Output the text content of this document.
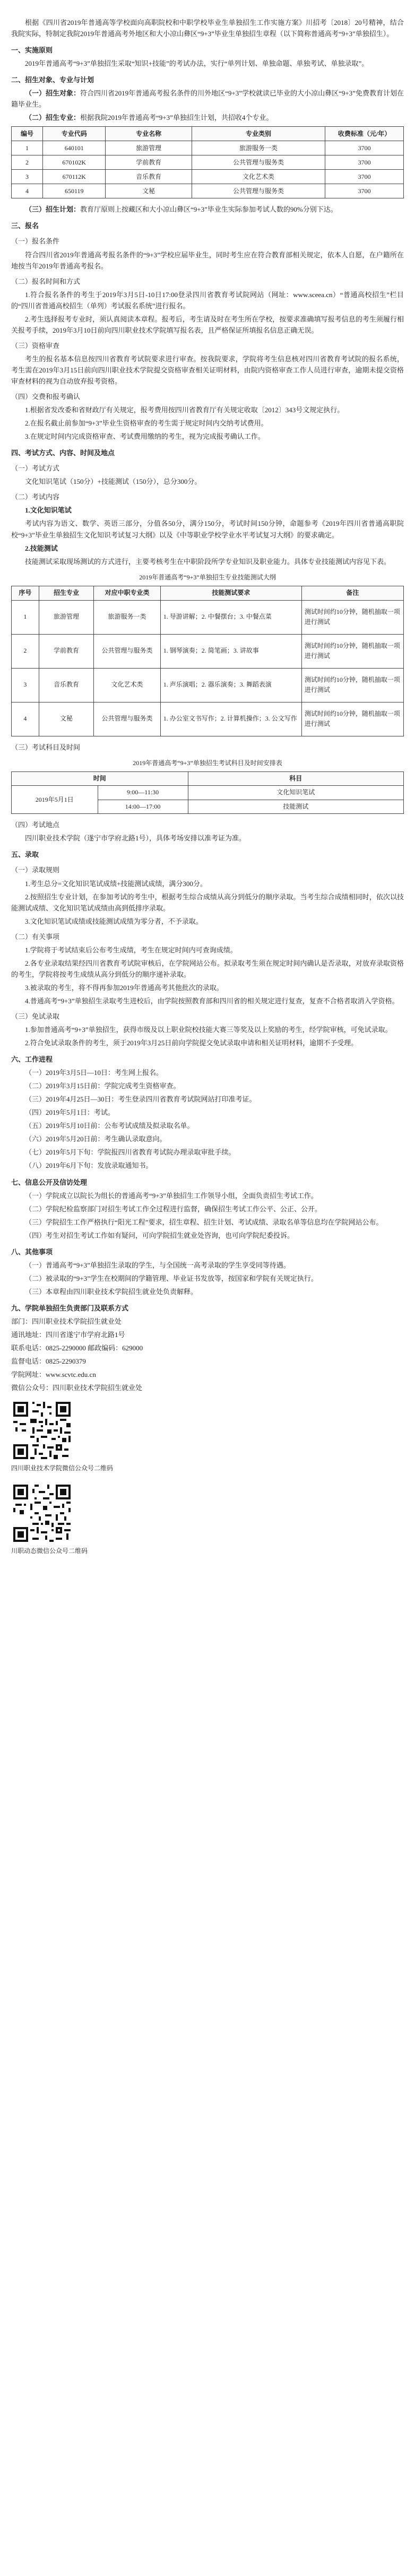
根据《四川省2019年普通高等学校面向高职院校和中职学校毕业生单独招生工作实施方案》川招考〔2018〕20号精神，结合我院实际，特制定我院2019年普通高考外地区和大小凉山彝区“9+3”毕业生单独招生章程（以下简称普通高考“9+3”单独招生）。

一、实施原则

2019年普通高考“9+3”单独招生采取“知识+技能”的考试办法，实行“单列计划、单独命题、单独考试、单独录取”。

二、招生对象、专业与计划

（一）招生对象：符合四川省2019年普通高考报名条件的川外地区“9+3”学校就读已毕业的大小凉山彝区“9+3”免费教育计划在籍毕业生。

（二）招生专业：根据我院2019年普通高考“9+3”单独招生计划，共招收4个专业。

编号	专业代码	专业名称	专业类别	收费标准（元/年）
1	640101	旅游管理	旅游服务一类	3700
2	670102K	学前教育	公共管理与服务类	3700
3	670112K	音乐教育	文化艺术类	3700
4	650119	文秘	公共管理与服务类	3700

（三）招生计划：教育厅原则上按藏区和大小凉山彝区“9+3”毕业生实际参加考试人数的90%分别下达。

三、报名
（一）报名条件

符合四川省2019年普通高考报名条件的“9+3”学校应届毕业生，同时考生应在符合教育部相关规定，依本人自愿，在户籍所在地按当年2019年普通高考报名。

（二）报名时间和方式

1.符合报名条件的考生于2019年3月5日-10日17:00登录四川省教育考试院网站（网址：www.sceea.cn）“普通高校招生”栏目的“四川省普通高校招生（单列）考试报名系统”进行报名。

2.考生选择报考专业时，须认真阅读本章程。报考后，考生请及时在考生所在学校，按要求准确填写报考信息的考生须履行相关报考手续，2019年3月10日前向四川职业技术学院填写报名表，且严格保证所填报名信息正确无误。

（三）资格审查

考生的报名基本信息按四川省教育考试院要求进行审查。按我院要求，学院将考生信息核对四川省教育考试院的报名系统，考生需在2019年3月15日前向四川职业技术学院提交资格审查相关证明材料，由院内资格审查工作人员进行审查，逾期未提交资格审查材料的视为自动放弃报考资格。

（四）交费和报考确认

1.根据省发改委和省财政厅有关规定，报考费用按四川省教育厅有关规定收取〔2012〕343号文规定执行。

2.在报名截止前参加“9+3”毕业生资格审查的考生需于规定时间内交纳考试费用。

3.在规定时间内完成资格审查、考试费用缴纳的考生，视为完成报考确认工作。

四、考试方式、内容、时间及地点
（一）考试方式

文化知识笔试（150分）+技能测试（150分），总分300分。

（二）考试内容

1.文化知识笔试

考试内容为语文、数学、英语三部分，分值各50分，满分150分，考试时间150分钟，命题参考《2019年四川省普通高职院校“9+3”毕业生单独招生文化知识考试复习大纲》以及《中等职业学校学业水平考试复习大纲》的要求确定。

2.技能测试

技能测试采取现场测试的方式进行，主要考核考生在中职阶段所学专业知识及职业能力。具体专业技能测试内容见下表。

2019年普通高考“9+3”单独招生专业技能测试大纲

序号	招生专业	对应中职专业类	技能测试要求	备注
1	旅游管理	旅游服务一类	1. 导游讲解；2. 中餐摆台；3. 中餐点菜	测试时间约10分钟，随机抽取一项进行测试
2	学前教育	公共管理与服务类	1. 钢琴演奏；2. 简笔画；3. 讲故事	测试时间约10分钟，随机抽取一项进行测试
3	音乐教育	文化艺术类	1. 声乐演唱；2. 器乐演奏；3. 舞蹈表演	测试时间约10分钟，随机抽取一项进行测试
4	文秘	公共管理与服务类	1. 办公室文书写作；2. 计算机操作；3. 公文写作	测试时间约10分钟，随机抽取一项进行测试
（三）考试科目及时间

2019年普通高考“9+3”单独招生考试科目及时间安排表

时间		科目
2019年5月1日	9:00—11:30	文化知识笔试
	14:00—17:00	技能测试
（四）考试地点

四川职业技术学院（遂宁市学府北路1号），具体考场安排以准考证为准。

五、录取
（一）录取规则

1.考生总分=文化知识笔试成绩+技能测试成绩，满分300分。

2.按照招生专业计划，在参加考试的考生中，根据考生综合成绩从高分到低分的顺序录取。当考生综合成绩相同时，依次以技能测试成绩、文化知识笔试成绩由高到低排序录取。

3.文化知识笔试成绩或技能测试成绩为零分者，不予录取。

（二）有关事项

1.学院将于考试结束后公布考生成绩，考生在规定时间内可查询成绩。

2.各专业录取结果经四川省教育考试院审核后，在学院网站公布。拟录取考生须在规定时间内确认是否录取，对放弃录取资格的考生，学院将按考生成绩从高分到低分的顺序递补录取。

3.被录取的考生，将不得再参加2019年普通高考其他批次的录取。

4.普通高考“9+3”单独招生录取考生进校后，由学院按照教育部和四川省的相关规定进行复查，复查不合格者取消入学资格。

（三）免试录取

1.参加普通高考“9+3”单独招生，获得市级及以上职业院校技能大赛三等奖及以上奖励的考生，经学院审核，可免试录取。

2.符合免试录取条件的考生，须于2019年3月25日前向学院提交免试录取申请和相关证明材料，逾期不予受理。

六、工作进程

（一）2019年3月5日—10日：考生网上报名。

（二）2019年3月15日前：学院完成考生资格审查。

（三）2019年4月25日—30日：考生登录四川省教育考试院网站打印准考证。

（四）2019年5月1日：考试。

（五）2019年5月10日前：公布考试成绩及拟录取名单。

（六）2019年5月20日前：考生确认录取意向。

（七）2019年5月下旬：学院报四川省教育考试院办理录取审批手续。

（八）2019年6月下旬：发放录取通知书。

七、信息公开及信访处理

（一）学院成立以院长为组长的普通高考“9+3”单独招生工作领导小组，全面负责招生考试工作。

（二）学院纪检监察部门对招生考试工作全过程进行监督，确保招生考试工作公平、公正、公开。

（三）学院招生工作严格执行“阳光工程”要求，招生章程、招生计划、考试成绩、录取名单等信息均在学院网站公布。

（四）考生对招生考试工作如有疑问，可向学院招生就业处咨询，也可向学院纪委投诉。

八、其他事项

（一）普通高考“9+3”单独招生录取的学生，与全国统一高考录取的学生享受同等待遇。

（二）被录取的“9+3”学生在校期间的学籍管理、毕业证书发放等，按国家和学院有关规定执行。

（三）本章程由四川职业技术学院招生就业处负责解释。

九、学院单独招生负责部门及联系方式

部门：四川职业技术学院招生就业处

通讯地址：四川省遂宁市学府北路1号

联系电话：0825-2290000 邮政编码：629000

监督电话：0825-2290379

学院网址：www.scvtc.edu.cn

微信公众号：四川职业技术学院招生就业处

四川职业技术学院微信公众号二维码

川职动态微信公众号二维码
